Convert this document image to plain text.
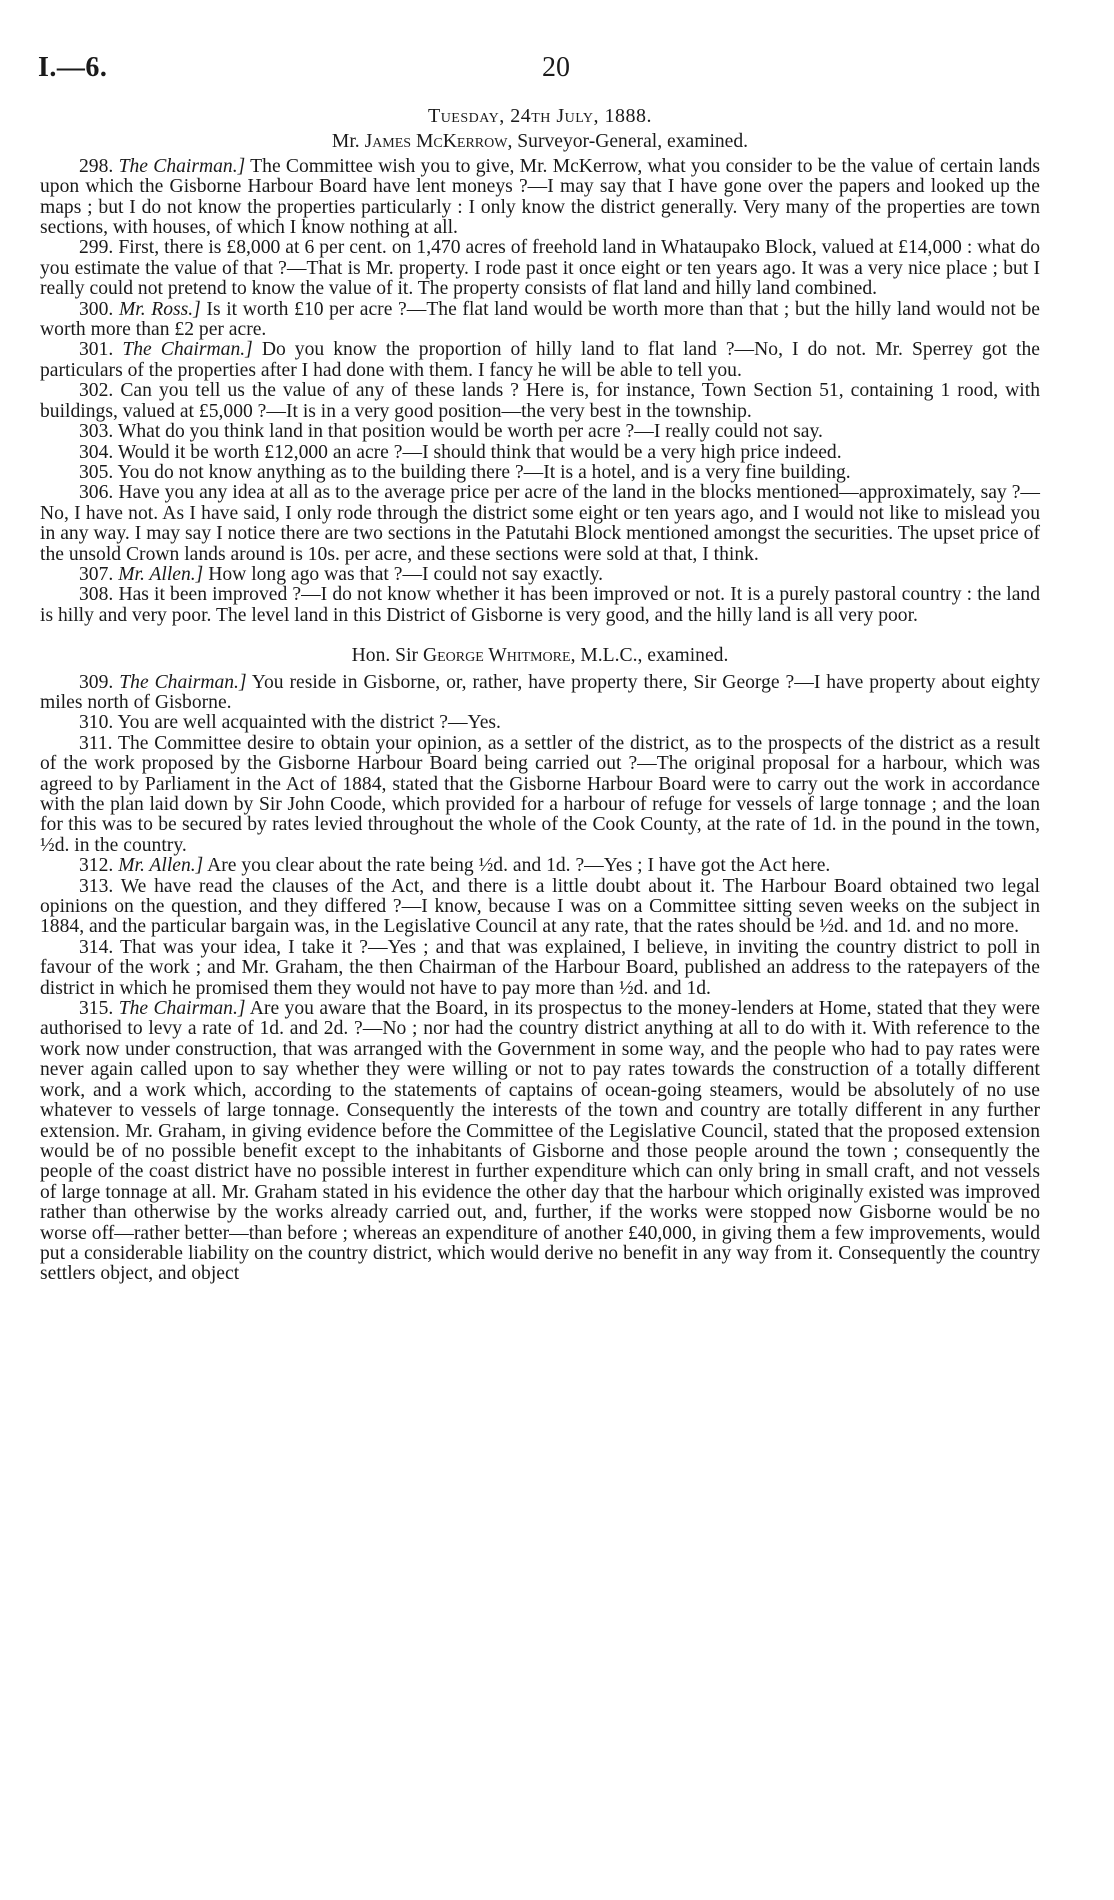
I.—6.	20
Tuesday, 24th July, 1888.
Mr. James McKerrow, Surveyor-General, examined.

298. The Chairman.] The Committee wish you to give, Mr. McKerrow, what you consider to be the value of certain lands upon which the Gisborne Harbour Board have lent moneys ?—I may say that I have gone over the papers and looked up the maps ; but I do not know the properties particularly : I only know the district generally. Very many of the properties are town sections, with houses, of which I know nothing at all.

299. First, there is £8,000 at 6 per cent. on 1,470 acres of freehold land in Whataupako Block, valued at £14,000 : what do you estimate the value of that ?—That is Mr. property. I rode past it once eight or ten years ago. It was a very nice place ; but I really could not pretend to know the value of it. The property consists of flat land and hilly land combined.

300. Mr. Ross.] Is it worth £10 per acre ?—The flat land would be worth more than that ; but the hilly land would not be worth more than £2 per acre.

301. The Chairman.] Do you know the proportion of hilly land to flat land ?—No, I do not. Mr. Sperrey got the particulars of the properties after I had done with them. I fancy he will be able to tell you.

302. Can you tell us the value of any of these lands ? Here is, for instance, Town Section 51, containing 1 rood, with buildings, valued at £5,000 ?—It is in a very good position—the very best in the township.

303. What do you think land in that position would be worth per acre ?—I really could not say.

304. Would it be worth £12,000 an acre ?—I should think that would be a very high price indeed.

305. You do not know anything as to the building there ?—It is a hotel, and is a very fine building.

306. Have you any idea at all as to the average price per acre of the land in the blocks mentioned—approximately, say ?—No, I have not. As I have said, I only rode through the district some eight or ten years ago, and I would not like to mislead you in any way. I may say I notice there are two sections in the Patutahi Block mentioned amongst the securities. The upset price of the unsold Crown lands around is 10s. per acre, and these sections were sold at that, I think.

307. Mr. Allen.] How long ago was that ?—I could not say exactly.

308. Has it been improved ?—I do not know whether it has been improved or not. It is a purely pastoral country : the land is hilly and very poor. The level land in this District of Gisborne is very good, and the hilly land is all very poor.

Hon. Sir George Whitmore, M.L.C., examined.

309. The Chairman.] You reside in Gisborne, or, rather, have property there, Sir George ?—I have property about eighty miles north of Gisborne.

310. You are well acquainted with the district ?—Yes.

311. The Committee desire to obtain your opinion, as a settler of the district, as to the prospects of the district as a result of the work proposed by the Gisborne Harbour Board being carried out ?—The original proposal for a harbour, which was agreed to by Parliament in the Act of 1884, stated that the Gisborne Harbour Board were to carry out the work in accordance with the plan laid down by Sir John Coode, which provided for a harbour of refuge for vessels of large tonnage ; and the loan for this was to be secured by rates levied throughout the whole of the Cook County, at the rate of 1d. in the pound in the town, ½d. in the country.

312. Mr. Allen.] Are you clear about the rate being ½d. and 1d. ?—Yes ; I have got the Act here.

313. We have read the clauses of the Act, and there is a little doubt about it. The Harbour Board obtained two legal opinions on the question, and they differed ?—I know, because I was on a Committee sitting seven weeks on the subject in 1884, and the particular bargain was, in the Legislative Council at any rate, that the rates should be ½d. and 1d. and no more.

314. That was your idea, I take it ?—Yes ; and that was explained, I believe, in inviting the country district to poll in favour of the work ; and Mr. Graham, the then Chairman of the Harbour Board, published an address to the ratepayers of the district in which he promised them they would not have to pay more than ½d. and 1d.

315. The Chairman.] Are you aware that the Board, in its prospectus to the money-lenders at Home, stated that they were authorised to levy a rate of 1d. and 2d. ?—No ; nor had the country district anything at all to do with it. With reference to the work now under construction, that was arranged with the Government in some way, and the people who had to pay rates were never again called upon to say whether they were willing or not to pay rates towards the construction of a totally different work, and a work which, according to the statements of captains of ocean-going steamers, would be absolutely of no use whatever to vessels of large tonnage. Consequently the interests of the town and country are totally different in any further extension. Mr. Graham, in giving evidence before the Committee of the Legislative Council, stated that the proposed extension would be of no possible benefit except to the inhabitants of Gisborne and those people around the town ; consequently the people of the coast district have no possible interest in further expenditure which can only bring in small craft, and not vessels of large tonnage at all. Mr. Graham stated in his evidence the other day that the harbour which originally existed was improved rather than otherwise by the works already carried out, and, further, if the works were stopped now Gisborne would be no worse off—rather better—than before ; whereas an expenditure of another £40,000, in giving them a few improvements, would put a considerable liability on the country district, which would derive no benefit in any way from it. Consequently the country settlers object, and object
